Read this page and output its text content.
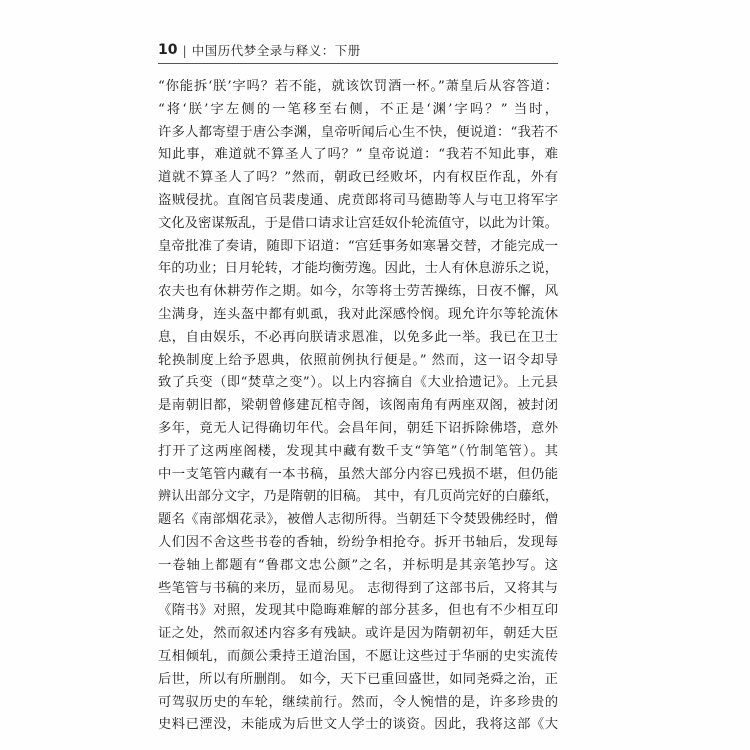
10 | 中国历代梦全录与释义：下册
“你能拆‘朕’字吗？若不能，就该饮罚酒一杯。”萧皇后从容答道：
“将‘朕’字左侧的一笔移至右侧，不正是‘渊’字吗？” 当时，
许多人都寄望于唐公李渊，皇帝听闻后心生不快，便说道：“我若不
知此事，难道就不算圣人了吗？” 皇帝说道：“我若不知此事，难
道就不算圣人了吗？”然而，朝政已经败坏，内有权臣作乱，外有
盗贼侵扰。直阁官员裴虔通、虎贲郎将司马德勘等人与屯卫将军字
文化及密谋叛乱，于是借口请求让宫廷奴仆轮流值守，以此为计策。
皇帝批准了奏请，随即下诏道：“宫廷事务如寒暑交替，才能完成一
年的功业；日月轮转，才能均衡劳逸。因此，士人有休息游乐之说，
农夫也有休耕劳作之期。如今，尔等将士劳苦操练，日夜不懈，风
尘满身，连头盔中都有虮虱，我对此深感怜悯。现允许尔等轮流休
息，自由娱乐，不必再向朕请求恩准，以免多此一举。我已在卫士
轮换制度上给予恩典，依照前例执行便是。” 然而，这一诏令却导
致了兵变（即“焚草之变”）。以上内容摘自《大业拾遗记》。上元县
是南朝旧都，梁朝曾修建瓦棺寺阁，该阁南角有两座双阁，被封闭
多年，竟无人记得确切年代。会昌年间，朝廷下诏拆除佛塔，意外
打开了这两座阁楼，发现其中藏有数千支“笋笔”（竹制笔管）。其
中一支笔管内藏有一本书稿，虽然大部分内容已残损不堪，但仍能
辨认出部分文字，乃是隋朝的旧稿。 其中，有几页尚完好的白藤纸，
题名《南部烟花录》，被僧人志彻所得。当朝廷下令焚毁佛经时，僧
人们因不舍这些书卷的香轴，纷纷争相抢夺。拆开书轴后，发现每
一卷轴上都题有“鲁郡文忠公颜”之名，并标明是其亲笔抄写。这
些笔管与书稿的来历，显而易见。 志彻得到了这部书后，又将其与
《隋书》对照，发现其中隐晦难解的部分甚多，但也有不少相互印
证之处，然而叙述内容多有残缺。或许是因为隋朝初年，朝廷大臣
互相倾轧，而颜公秉持王道治国，不愿让这些过于华丽的史实流传
后世，所以有所删削。 如今，天下已重回盛世，如同尧舜之治，正
可驾驭历史的车轮，继续前行。然而，令人惋惜的是，许多珍贵的
史料已湮没，未能成为后世文人学士的谈资。因此，我将这部《大
